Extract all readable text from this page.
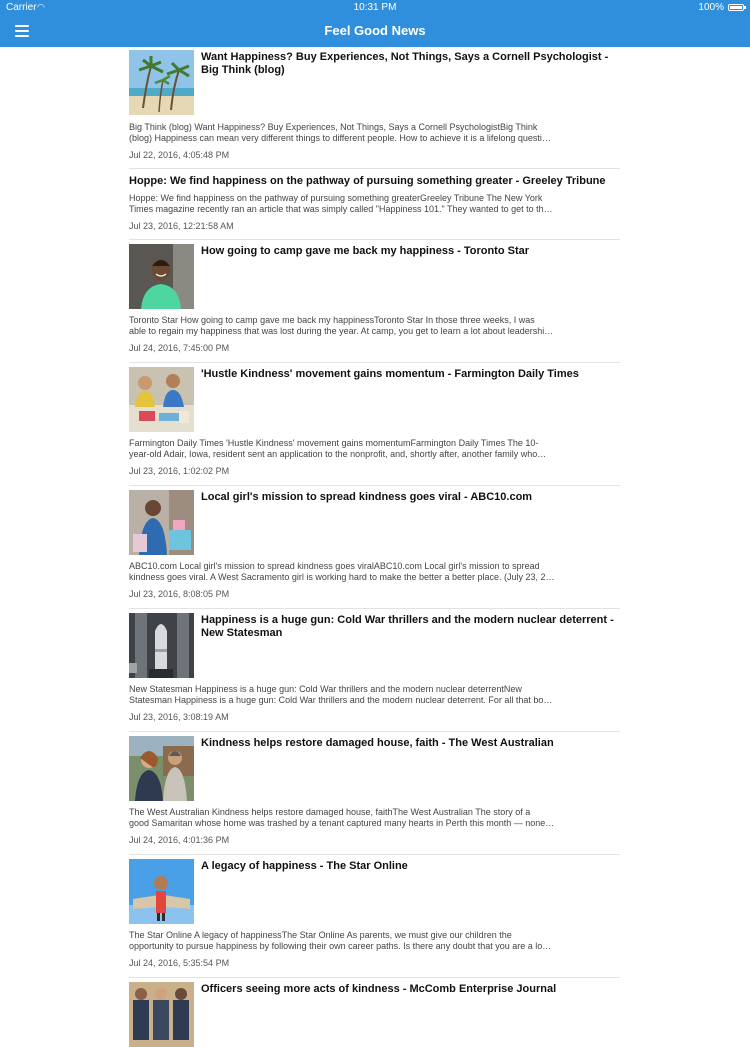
Carrier ◠	10:31 PM	100%
Feel Good News
Want Happiness? Buy Experiences, Not Things, Says a Cornell Psychologist - Big Think (blog)
Big Think (blog) Want Happiness? Buy Experiences, Not Things, Says a Cornell PsychologistBig Think
(blog) Happiness can mean very different things to different people. How to achieve it is a lifelong questi…
Jul 22, 2016, 4:05:48 PM
Hoppe: We find happiness on the pathway of pursuing something greater - Greeley Tribune
Hoppe: We find happiness on the pathway of pursuing something greaterGreeley Tribune The New York
Times magazine recently ran an article that was simply called "Happiness 101." They wanted to get to th…
Jul 23, 2016, 12:21:58 AM
How going to camp gave me back my happiness - Toronto Star
Toronto Star How going to camp gave me back my happinessToronto Star In those three weeks, I was
able to regain my happiness that was lost during the year. At camp, you get to learn a lot about leadershi…
Jul 24, 2016, 7:45:00 PM
'Hustle Kindness' movement gains momentum - Farmington Daily Times
Farmington Daily Times 'Hustle Kindness' movement gains momentumFarmington Daily Times The 10-
year-old Adair, Iowa, resident sent an application to the nonprofit, and, shortly after, another family who…
Jul 23, 2016, 1:02:02 PM
Local girl's mission to spread kindness goes viral - ABC10.com
ABC10.com Local girl's mission to spread kindness goes viralABC10.com Local girl's mission to spread
kindness goes viral. A West Sacramento girl is working hard to make the better a better place. (July 23, 2…
Jul 23, 2016, 8:08:05 PM
Happiness is a huge gun: Cold War thrillers and the modern nuclear deterrent - New Statesman
New Statesman Happiness is a huge gun: Cold War thrillers and the modern nuclear deterrentNew
Statesman Happiness is a huge gun: Cold War thrillers and the modern nuclear deterrent. For all that bo…
Jul 23, 2016, 3:08:19 AM
Kindness helps restore damaged house, faith - The West Australian
The West Australian Kindness helps restore damaged house, faithThe West Australian The story of a
good Samaritan whose home was trashed by a tenant captured many hearts in Perth this month — none…
Jul 24, 2016, 4:01:36 PM
A legacy of happiness - The Star Online
The Star Online A legacy of happinessThe Star Online As parents, we must give our children the
opportunity to pursue happiness by following their own career paths. Is there any doubt that you are a lo…
Jul 24, 2016, 5:35:54 PM
Officers seeing more acts of kindness - McComb Enterprise Journal
